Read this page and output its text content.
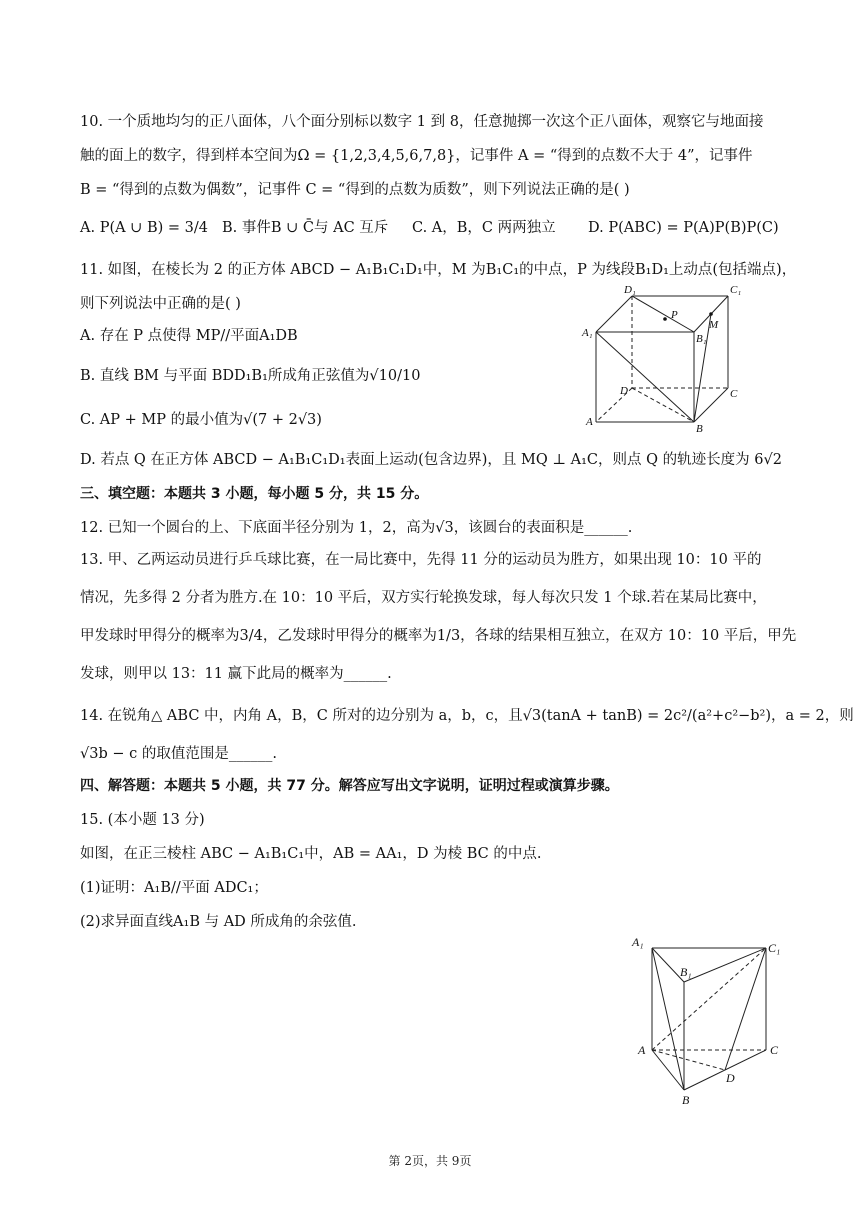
10. 一个质地均匀的正八面体，八个面分别标以数字 1 到 8，任意抛掷一次这个正八面体，观察它与地面接
触的面上的数字，得到样本空间为Ω = {1,2,3,4,5,6,7,8}，记事件 A = “得到的点数不大于 4”，记事件
B = “得到的点数为偶数”，记事件 C = “得到的点数为质数”，则下列说法正确的是( )
A. P(A ∪ B) = 3/4 B. 事件B ∪ C̄与 AC 互斥 C. A，B，C 两两独立 D. P(ABC) = P(A)P(B)P(C)
11. 如图，在棱长为 2 的正方体 ABCD − A₁B₁C₁D₁中，M 为B₁C₁的中点，P 为线段B₁D₁上动点(包括端点)，
则下列说法中正确的是( )
A. 存在 P 点使得 MP//平面A₁DB
B. 直线 BM 与平面 BDD₁B₁所成角正弦值为√10/10
C. AP + MP 的最小值为√(7 + 2√3)
D. 若点 Q 在正方体 ABCD − A₁B₁C₁D₁表面上运动(包含边界)，且 MQ ⊥ A₁C，则点 Q 的轨迹长度为 6√2
D₁	C₁
P
M
A₁	B₁
D	C
A
B
三、填空题：本题共 3 小题，每小题 5 分，共 15 分。
12. 已知一个圆台的上、下底面半径分别为 1，2，高为√3，该圆台的表面积是______.
13. 甲、乙两运动员进行乒乓球比赛，在一局比赛中，先得 11 分的运动员为胜方，如果出现 10：10 平的
情况，先多得 2 分者为胜方.在 10：10 平后，双方实行轮换发球，每人每次只发 1 个球.若在某局比赛中，
甲发球时甲得分的概率为3/4，乙发球时甲得分的概率为1/3，各球的结果相互独立，在双方 10：10 平后，甲先
发球，则甲以 13：11 赢下此局的概率为______.
14. 在锐角△ ABC 中，内角 A，B，C 所对的边分别为 a，b，c，且√3(tanA + tanB) = 2c²/(a²+c²−b²)，a = 2，则
√3b − c 的取值范围是______.
四、解答题：本题共 5 小题，共 77 分。解答应写出文字说明，证明过程或演算步骤。
15. (本小题 13 分)
如图，在正三棱柱 ABC − A₁B₁C₁中，AB = AA₁，D 为棱 BC 的中点.
(1)证明：A₁B//平面 ADC₁；
(2)求异面直线A₁B 与 AD 所成角的余弦值.
A₁	C₁
B₁
A	C
D
B
第 2页，共 9页
